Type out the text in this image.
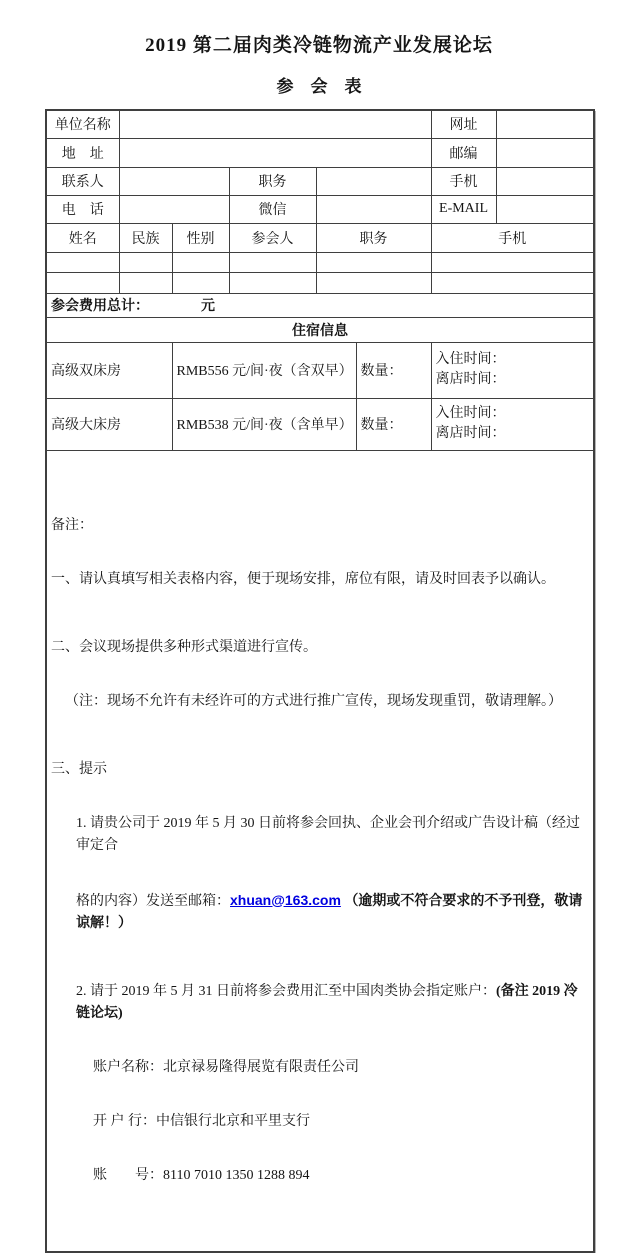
2019 第二届肉类冷链物流产业发展论坛
参　会　表
单位名称						网址	
地　址						邮编	
联系人			职务			手机	
电　话			微信			E-MAIL	
姓名	民族	性别	参会人	职务		手机	

参会费用总计： 元							
住宿信息							
高级双床房		RMB556 元/间·夜（含双早）			数量：	入住时间：
离店时间：	
高级大床房		RMB538 元/间·夜（含单早）			数量：	入住时间：
离店时间：	

备注：

一、请认真填写相关表格内容，便于现场安排，席位有限，请及时回表予以确认。

二、会议现场提供多种形式渠道进行宣传。

（注：现场不允许有未经许可的方式进行推广宣传，现场发现重罚，敬请理解。）

三、提示

1. 请贵公司于 2019 年 5 月 30 日前将参会回执、企业会刊介绍或广告设计稿（经过审定合

格的内容）发送至邮箱：xhuan@163.com （逾期或不符合要求的不予刊登，敬请谅解！）

2. 请于 2019 年 5 月 31 日前将参会费用汇至中国肉类协会指定账户：(备注 2019 冷链论坛)

账户名称：北京禄易隆得展览有限责任公司

开 户 行：中信银行北京和平里支行

账　　号：8110 7010 1350 1288 894
